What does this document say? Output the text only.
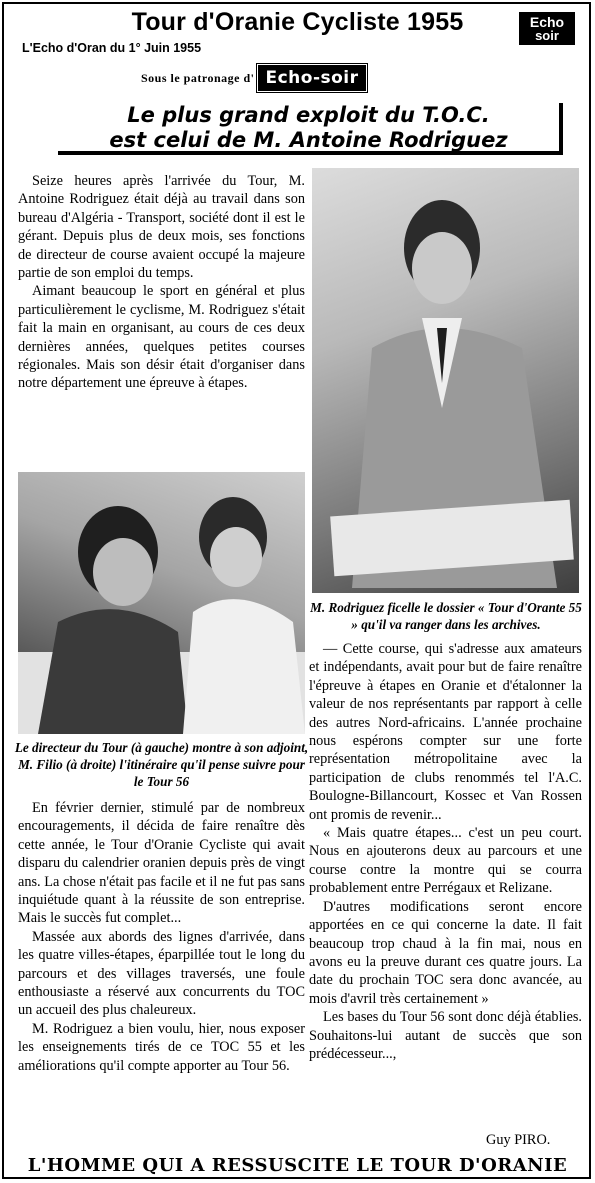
Tour d'Oranie Cycliste 1955	Echo
soir
L'Echo d'Oran du 1° Juin 1955
Sous le patronage d' Echo-soir
Le plus grand exploit du T.O.C.
est celui de M. Antoine Rodriguez

Seize heures après l'arrivée du Tour, M. Antoine Rodriguez était déjà au travail dans son bureau d'Algéria - Transport, société dont il est le gérant. Depuis plus de deux mois, ses fonctions de directeur de course avaient occupé la majeure partie de son emploi du temps.

Aimant beaucoup le sport en général et plus particulièrement le cyclisme, M. Rodriguez s'était fait la main en organisant, au cours de ces deux dernières années, quelques petites courses régionales. Mais son désir était d'organiser dans notre département une épreuve à étapes.

M. Rodriguez ficelle le dossier « Tour d'Orante 55 » qu'il va ranger dans les archives.
Le directeur du Tour (à gauche) montre à son adjoint, M. Filio (à droite) l'itinéraire qu'il pense suivre pour le Tour 56

En février dernier, stimulé par de nombreux encouragements, il décida de faire renaître dès cette année, le Tour d'Oranie Cycliste qui avait disparu du calendrier oranien depuis près de vingt ans. La chose n'était pas facile et il ne fut pas sans inquiétude quant à la réussite de son entreprise. Mais le succès fut complet...

Massée aux abords des lignes d'arrivée, dans les quatre villes-étapes, éparpillée tout le long du parcours et des villages traversés, une foule enthousiaste a réservé aux concurrents du TOC un accueil des plus chaleureux.

M. Rodriguez a bien voulu, hier, nous exposer les enseignements tirés de ce TOC 55 et les améliorations qu'il compte apporter au Tour 56.

— Cette course, qui s'adresse aux amateurs et indépendants, avait pour but de faire renaître l'épreuve à étapes en Oranie et d'étalonner la valeur de nos représentants par rapport à celle des autres Nord-africains. L'année prochaine nous espérons compter sur une forte représentation métropolitaine avec la participation de clubs renommés tel l'A.C. Boulogne-Billancourt, Kossec et Van Rossen ont promis de revenir...

« Mais quatre étapes... c'est un peu court. Nous en ajouterons deux au parcours et une course contre la montre qui se courra probablement entre Perrégaux et Relizane.

D'autres modifications seront encore apportées en ce qui concerne la date. Il fait beaucoup trop chaud à la fin mai, nous en avons eu la preuve durant ces quatre jours. La date du prochain TOC sera donc avancée, au mois d'avril très certainement »

Les bases du Tour 56 sont donc déjà établies. Souhaitons-lui autant de succès que son prédécesseur...,

Guy PIRO.
L'HOMME QUI A RESSUSCITE LE TOUR D'ORANIE
